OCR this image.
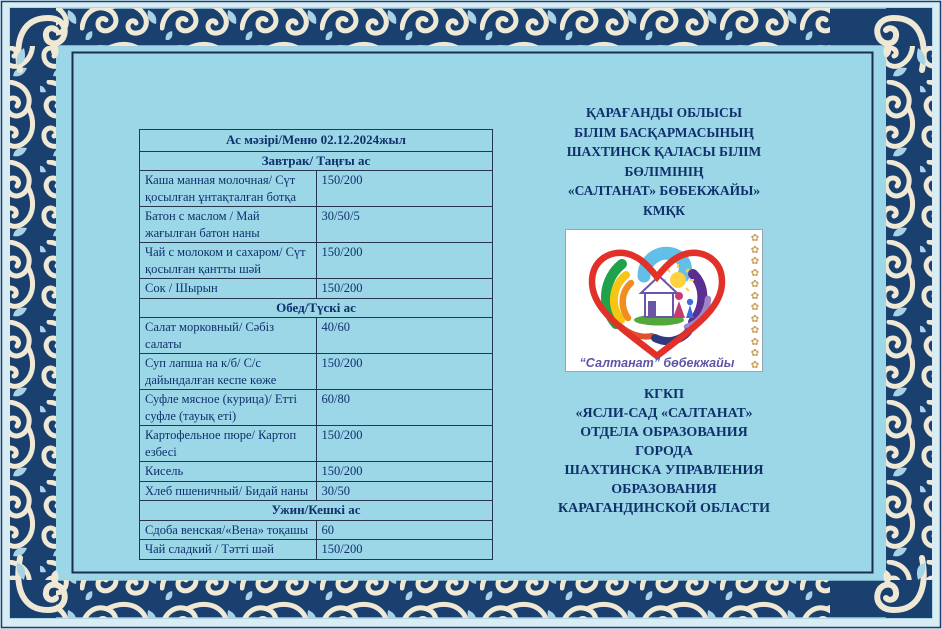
Ас мәзірі/Меню 02.12.2024жыл	
Завтрак/ Таңғы ас	
Каша манная молочная/ Сүт қосылған ұнтақталған ботқа	150/200
Батон с маслом / Май жағылған батон наны	30/50/5
Чай с молоком и сахаром/ Сүт қосылған қантты шәй	150/200
Сок / Шырын	150/200
Обед/Түскі ас	
Салат морковный/ Сәбіз салаты	40/60
Суп лапша на к/б/ С/с дайындалған кеспе көже	150/200
Суфле мясное (курица)/ Етті суфле (тауық еті)	60/80
Картофельное пюре/ Картоп езбесі	150/200
Кисель	150/200
Хлеб пшеничный/ Бидай наны	30/50
Ужин/Кешкі ас	
Сдоба венская/«Вена» тоқашы	60
Чай сладкий / Тәтті шәй	150/200
ҚАРАҒАНДЫ ОБЛЫСЫ
БІЛІМ БАСҚАРМАСЫНЫҢ
ШАХТИНСК ҚАЛАСЫ БІЛІМ
БӨЛІМІНІҢ
«САЛТАНАТ» БӨБЕКЖАЙЫ»
КМҚК
“Салтанат” бөбекжайы
✿✿✿✿✿✿✿✿✿✿✿✿
КГКП
«ЯСЛИ-САД «САЛТАНАТ»
ОТДЕЛА ОБРАЗОВАНИЯ
ГОРОДА
ШАХТИНСКА УПРАВЛЕНИЯ
ОБРАЗОВАНИЯ
КАРАГАНДИНСКОЙ ОБЛАСТИ
